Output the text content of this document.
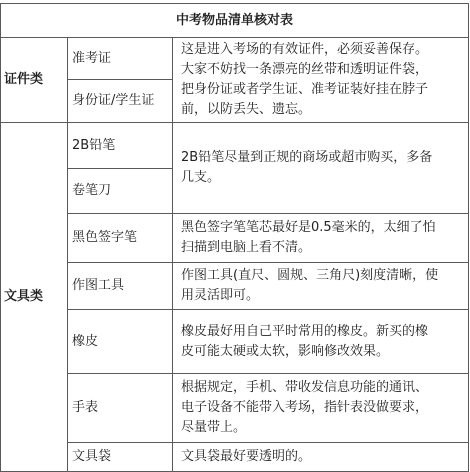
中考物品清单核对表		
证件类	准考证	这是进入考场的有效证件，必须妥善保存。
大家不妨找一条漂亮的丝带和透明证件袋，
把身份证或者学生证、准考证装好挂在脖子
前，以防丢失、遗忘。

	身份证/学生证	
文具类	2B铅笔	2B铅笔尽量到正规的商场或超市购买，多备
几支。

	卷笔刀	
	黑色签字笔	黑色签字笔笔芯最好是0.5毫米的，太细了怕
扫描到电脑上看不清。

	作图工具	作图工具(直尺、圆规、三角尺)刻度清晰，使
用灵活即可。

	橡皮	橡皮最好用自己平时常用的橡皮。新买的橡
皮可能太硬或太软，影响修改效果。

	手表	根据规定，手机、带收发信息功能的通讯、
电子设备不能带入考场，指针表没做要求，
尽量带上。

	文具袋	文具袋最好要透明的。
